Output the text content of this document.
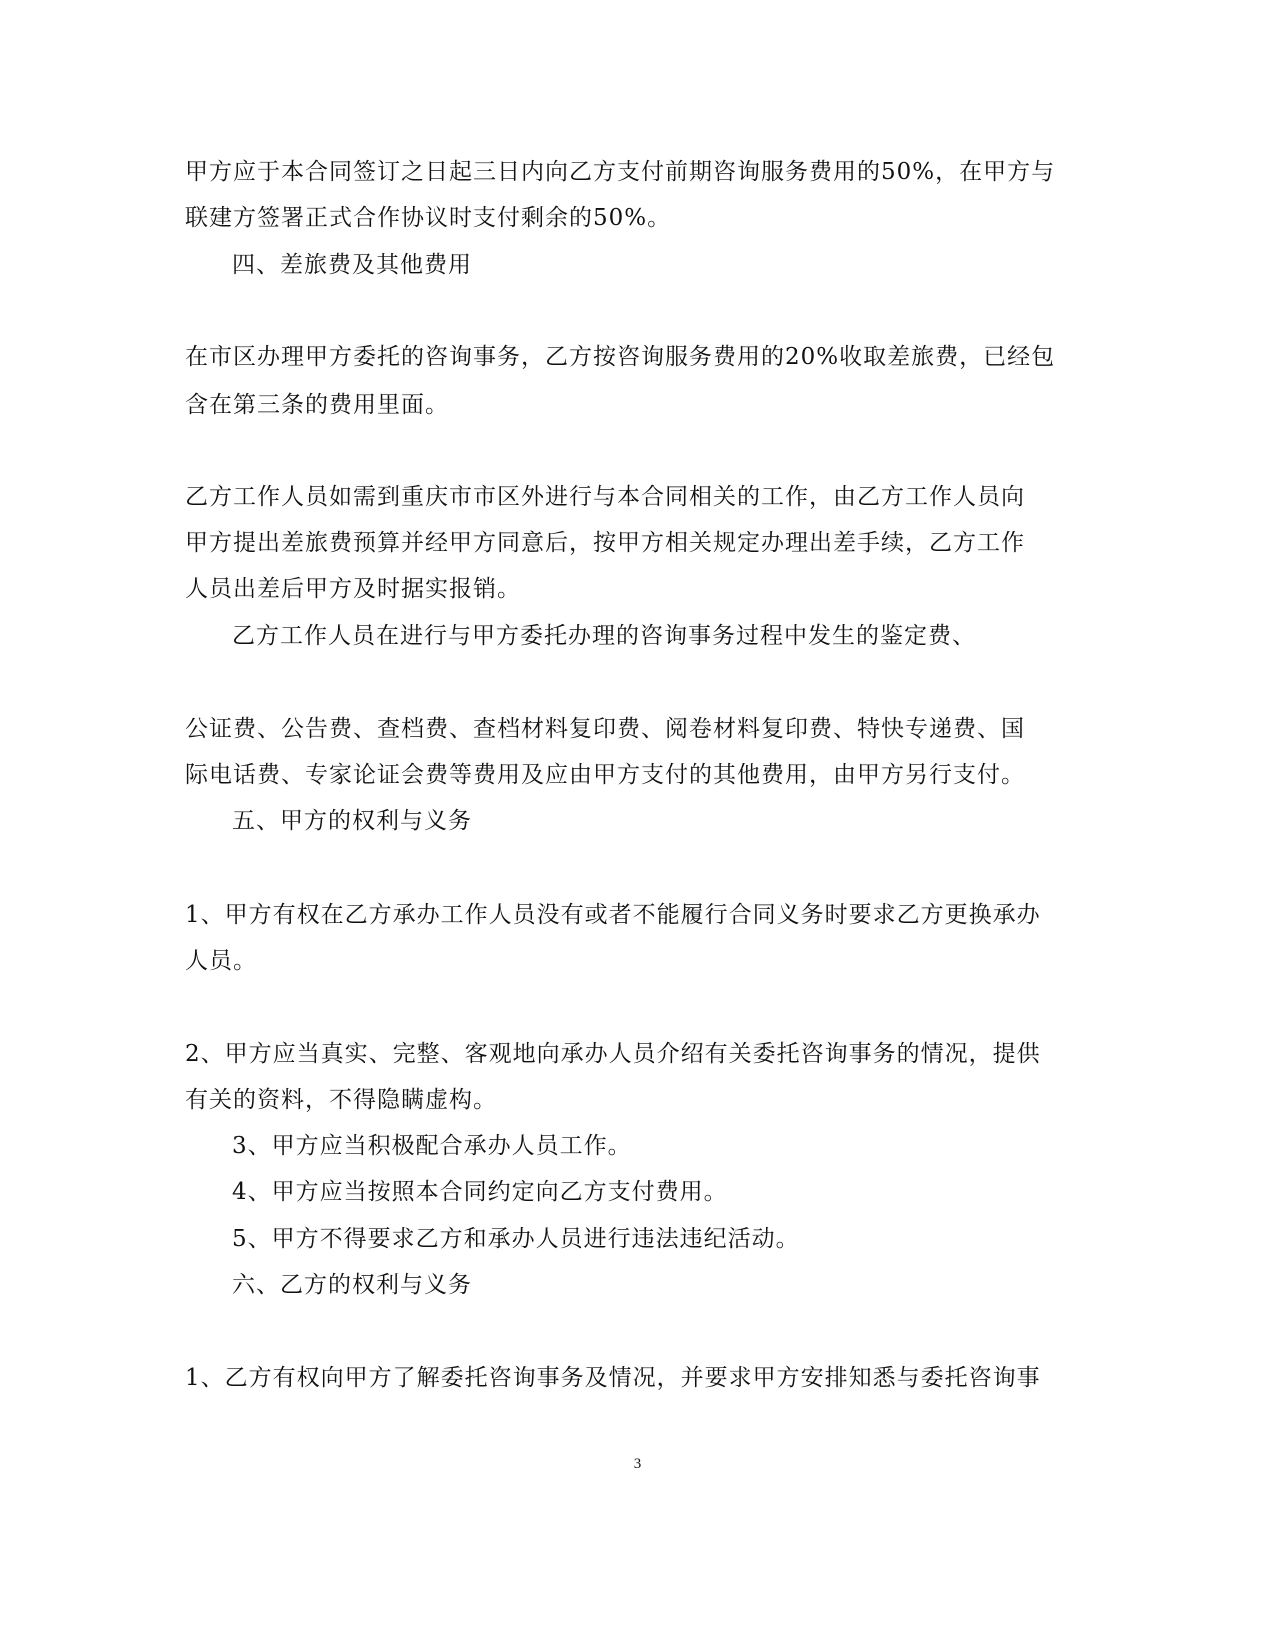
甲方应于本合同签订之日起三日内向乙方支付前期咨询服务费用的50%，在甲方与
联建方签署正式合作协议时支付剩余的50%。
四、差旅费及其他费用
在市区办理甲方委托的咨询事务，乙方按咨询服务费用的20%收取差旅费，已经包
含在第三条的费用里面。
乙方工作人员如需到重庆市市区外进行与本合同相关的工作，由乙方工作人员向
甲方提出差旅费预算并经甲方同意后，按甲方相关规定办理出差手续，乙方工作
人员出差后甲方及时据实报销。
乙方工作人员在进行与甲方委托办理的咨询事务过程中发生的鉴定费、
公证费、公告费、查档费、查档材料复印费、阅卷材料复印费、特快专递费、国
际电话费、专家论证会费等费用及应由甲方支付的其他费用，由甲方另行支付。
五、甲方的权利与义务
1、甲方有权在乙方承办工作人员没有或者不能履行合同义务时要求乙方更换承办
人员。
2、甲方应当真实、完整、客观地向承办人员介绍有关委托咨询事务的情况，提供
有关的资料，不得隐瞒虚构。
3、甲方应当积极配合承办人员工作。
4、甲方应当按照本合同约定向乙方支付费用。
5、甲方不得要求乙方和承办人员进行违法违纪活动。
六、乙方的权利与义务
1、乙方有权向甲方了解委托咨询事务及情况，并要求甲方安排知悉与委托咨询事
3
